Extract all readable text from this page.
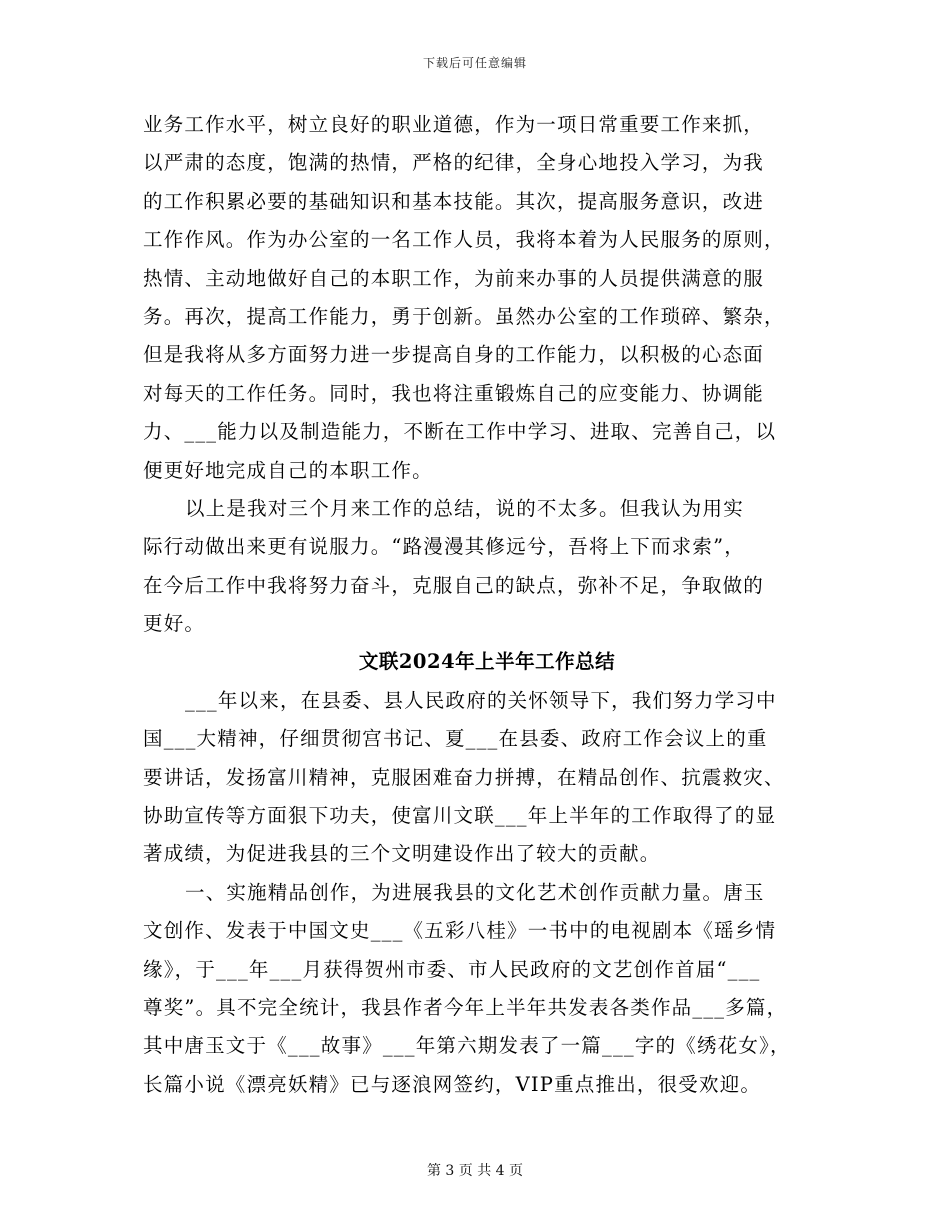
下载后可任意编辑
业务工作水平，树立良好的职业道德，作为一项日常重要工作来抓，
以严肃的态度，饱满的热情，严格的纪律，全身心地投入学习，为我
的工作积累必要的基础知识和基本技能。其次，提高服务意识，改进
工作作风。作为办公室的一名工作人员，我将本着为人民服务的原则，
热情、主动地做好自己的本职工作，为前来办事的人员提供满意的服
务。再次，提高工作能力，勇于创新。虽然办公室的工作琐碎、繁杂，
但是我将从多方面努力进一步提高自身的工作能力，以积极的心态面
对每天的工作任务。同时，我也将注重锻炼自己的应变能力、协调能
力、___能力以及制造能力，不断在工作中学习、进取、完善自己，以
便更好地完成自己的本职工作。
以上是我对三个月来工作的总结，说的不太多。但我认为用实
际行动做出来更有说服力。“路漫漫其修远兮，吾将上下而求索”，
在今后工作中我将努力奋斗，克服自己的缺点，弥补不足，争取做的
更好。
文联2024年上半年工作总结
___年以来，在县委、县人民政府的关怀领导下，我们努力学习中
国___大精神，仔细贯彻宫书记、夏___在县委、政府工作会议上的重
要讲话，发扬富川精神，克服困难奋力拼搏，在精品创作、抗震救灾、
协助宣传等方面狠下功夫，使富川文联___年上半年的工作取得了的显
著成绩，为促进我县的三个文明建设作出了较大的贡献。
一、实施精品创作，为进展我县的文化艺术创作贡献力量。唐玉
文创作、发表于中国文史___《五彩八桂》一书中的电视剧本《瑶乡情
缘》，于___年___月获得贺州市委、市人民政府的文艺创作首届“___
尊奖”。具不完全统计，我县作者今年上半年共发表各类作品___多篇，
其中唐玉文于《___故事》___年第六期发表了一篇___字的《绣花女》，
长篇小说《漂亮妖精》已与逐浪网签约，VIP重点推出，很受欢迎。
第 3 页 共 4 页
